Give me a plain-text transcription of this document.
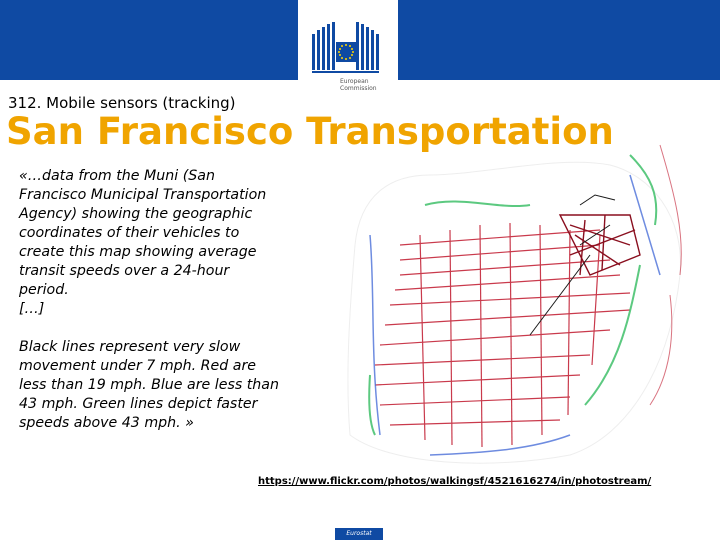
European
Commission
312. Mobile sensors (tracking)
San Francisco Transportation

«…data from the Muni (San Francisco Municipal Transportation Agency) showing the geographic coordinates of their vehicles to create this map showing average transit speeds over a 24-hour period.

[…]

Black lines represent very slow movement under 7 mph. Red are less than 19 mph. Blue are less than 43 mph. Green lines depict faster speeds above 43 mph. »

https://www.flickr.com/photos/walkingsf/4521616274/in/photostream/
Eurostat
